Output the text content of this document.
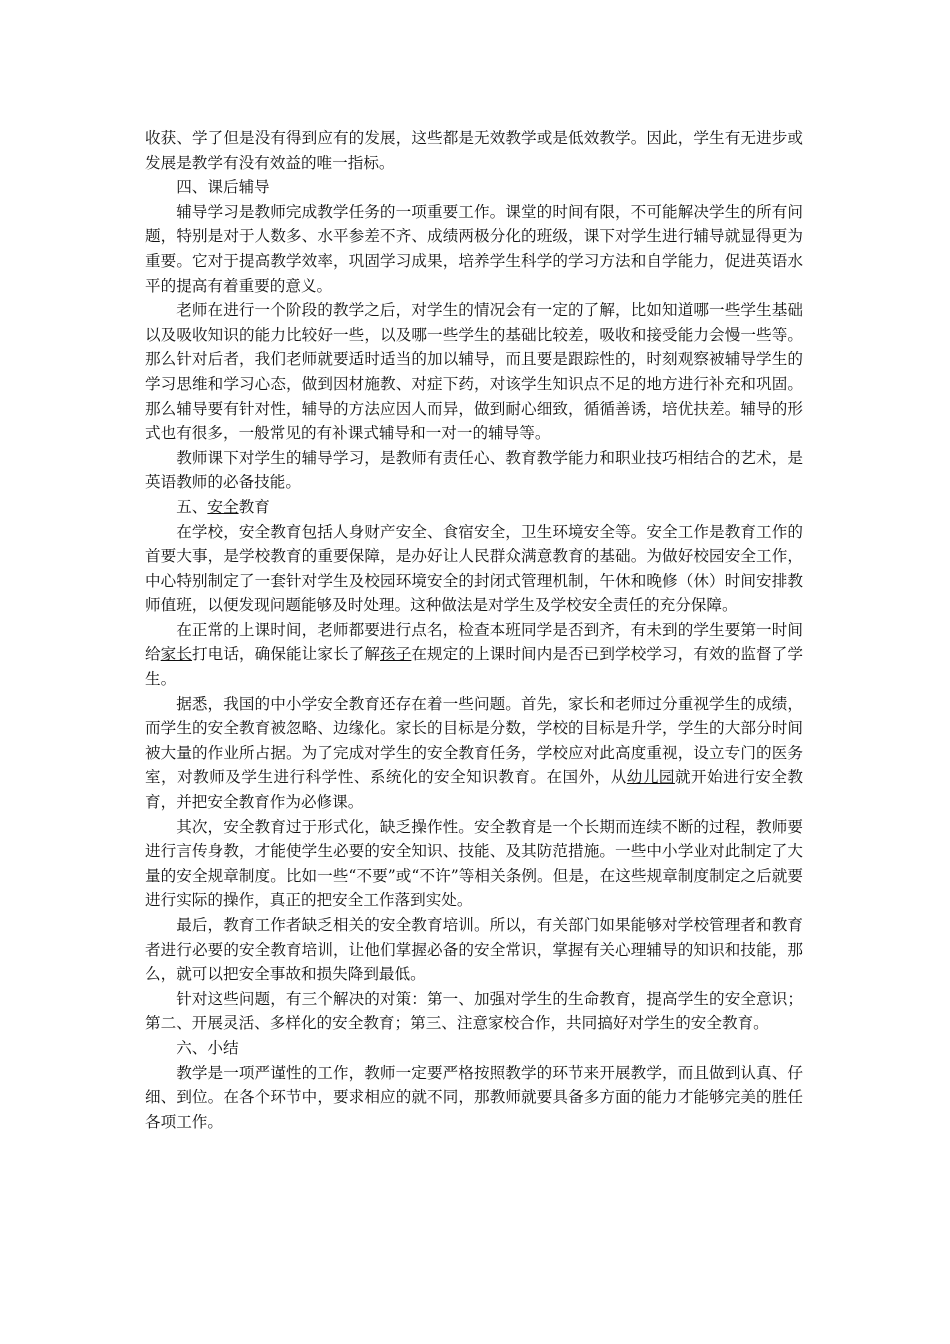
收获、学了但是没有得到应有的发展，这些都是无效教学或是低效教学。因此，学生有无进步或发展是教学有没有效益的唯一指标。

四、课后辅导

辅导学习是教师完成教学任务的一项重要工作。课堂的时间有限，不可能解决学生的所有问题，特别是对于人数多、水平参差不齐、成绩两极分化的班级，课下对学生进行辅导就显得更为重要。它对于提高教学效率，巩固学习成果，培养学生科学的学习方法和自学能力，促进英语水平的提高有着重要的意义。

老师在进行一个阶段的教学之后，对学生的情况会有一定的了解，比如知道哪一些学生基础以及吸收知识的能力比较好一些，以及哪一些学生的基础比较差，吸收和接受能力会慢一些等。那么针对后者，我们老师就要适时适当的加以辅导，而且要是跟踪性的，时刻观察被辅导学生的学习思维和学习心态，做到因材施教、对症下药，对该学生知识点不足的地方进行补充和巩固。那么辅导要有针对性，辅导的方法应因人而异，做到耐心细致，循循善诱，培优扶差。辅导的形式也有很多，一般常见的有补课式辅导和一对一的辅导等。

教师课下对学生的辅导学习，是教师有责任心、教育教学能力和职业技巧相结合的艺术，是英语教师的必备技能。

五、安全教育

在学校，安全教育包括人身财产安全、食宿安全，卫生环境安全等。安全工作是教育工作的首要大事，是学校教育的重要保障，是办好让人民群众满意教育的基础。为做好校园安全工作，中心特别制定了一套针对学生及校园环境安全的封闭式管理机制，午休和晚修（休）时间安排教师值班，以便发现问题能够及时处理。这种做法是对学生及学校安全责任的充分保障。

在正常的上课时间，老师都要进行点名，检查本班同学是否到齐，有未到的学生要第一时间给家长打电话，确保能让家长了解孩子在规定的上课时间内是否已到学校学习，有效的监督了学生。

据悉，我国的中小学安全教育还存在着一些问题。首先，家长和老师过分重视学生的成绩，而学生的安全教育被忽略、边缘化。家长的目标是分数，学校的目标是升学，学生的大部分时间被大量的作业所占据。为了完成对学生的安全教育任务，学校应对此高度重视，设立专门的医务室，对教师及学生进行科学性、系统化的安全知识教育。在国外，从幼儿园就开始进行安全教育，并把安全教育作为必修课。

其次，安全教育过于形式化，缺乏操作性。安全教育是一个长期而连续不断的过程，教师要进行言传身教，才能使学生必要的安全知识、技能、及其防范措施。一些中小学业对此制定了大量的安全规章制度。比如一些“不要”或“不许”等相关条例。但是，在这些规章制度制定之后就要进行实际的操作，真正的把安全工作落到实处。

最后，教育工作者缺乏相关的安全教育培训。所以，有关部门如果能够对学校管理者和教育者进行必要的安全教育培训，让他们掌握必备的安全常识，掌握有关心理辅导的知识和技能，那么，就可以把安全事故和损失降到最低。

针对这些问题，有三个解决的对策：第一、加强对学生的生命教育，提高学生的安全意识；第二、开展灵活、多样化的安全教育；第三、注意家校合作，共同搞好对学生的安全教育。

六、小结

教学是一项严谨性的工作，教师一定要严格按照教学的环节来开展教学，而且做到认真、仔细、到位。在各个环节中，要求相应的就不同，那教师就要具备多方面的能力才能够完美的胜任各项工作。
